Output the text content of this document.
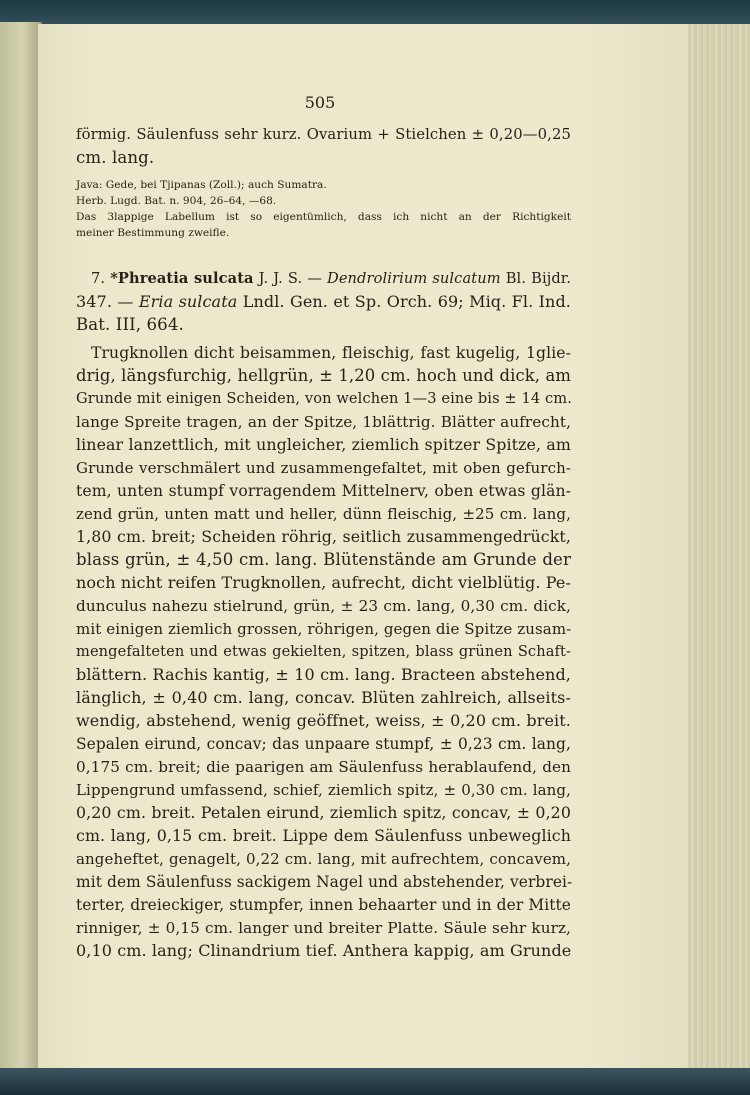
505
förmig. Säulenfuss sehr kurz. Ovarium + Stielchen ± 0,20—0,25
cm. lang.
Java: Gede, bei Tjipanas (Zoll.); auch Sumatra.
Herb. Lugd. Bat. n. 904, 26–64, —68.
Das 3lappige Labellum ist so eigentümlich, dass ich nicht an der Richtigkeit
meiner Bestimmung zweifle.
7. *Phreatia sulcata J. J. S. — Dendrolirium sulcatum Bl. Bijdr.
347. — Eria sulcata Lndl. Gen. et Sp. Orch. 69; Miq. Fl. Ind.
Bat. III, 664.
Trugknollen dicht beisammen, fleischig, fast kugelig, 1glie-
drig, längsfurchig, hellgrün, ± 1,20 cm. hoch und dick, am
Grunde mit einigen Scheiden, von welchen 1—3 eine bis ± 14 cm.
lange Spreite tragen, an der Spitze, 1blättrig. Blätter aufrecht,
linear lanzettlich, mit ungleicher, ziemlich spitzer Spitze, am
Grunde verschmälert und zusammengefaltet, mit oben gefurch-
tem, unten stumpf vorragendem Mittelnerv, oben etwas glän-
zend grün, unten matt und heller, dünn fleischig, ±25 cm. lang,
1,80 cm. breit; Scheiden röhrig, seitlich zusammengedrückt,
blass grün, ± 4,50 cm. lang. Blütenstände am Grunde der
noch nicht reifen Trugknollen, aufrecht, dicht vielblütig. Pe-
dunculus nahezu stielrund, grün, ± 23 cm. lang, 0,30 cm. dick,
mit einigen ziemlich grossen, röhrigen, gegen die Spitze zusam-
mengefalteten und etwas gekielten, spitzen, blass grünen Schaft-
blättern. Rachis kantig, ± 10 cm. lang. Bracteen abstehend,
länglich, ± 0,40 cm. lang, concav. Blüten zahlreich, allseits-
wendig, abstehend, wenig geöffnet, weiss, ± 0,20 cm. breit.
Sepalen eirund, concav; das unpaare stumpf, ± 0,23 cm. lang,
0,175 cm. breit; die paarigen am Säulenfuss herablaufend, den
Lippengrund umfassend, schief, ziemlich spitz, ± 0,30 cm. lang,
0,20 cm. breit. Petalen eirund, ziemlich spitz, concav, ± 0,20
cm. lang, 0,15 cm. breit. Lippe dem Säulenfuss unbeweglich
angeheftet, genagelt, 0,22 cm. lang, mit aufrechtem, concavem,
mit dem Säulenfuss sackigem Nagel und abstehender, verbrei-
terter, dreieckiger, stumpfer, innen behaarter und in der Mitte
rinniger, ± 0,15 cm. langer und breiter Platte. Säule sehr kurz,
0,10 cm. lang; Clinandrium tief. Anthera kappig, am Grunde
